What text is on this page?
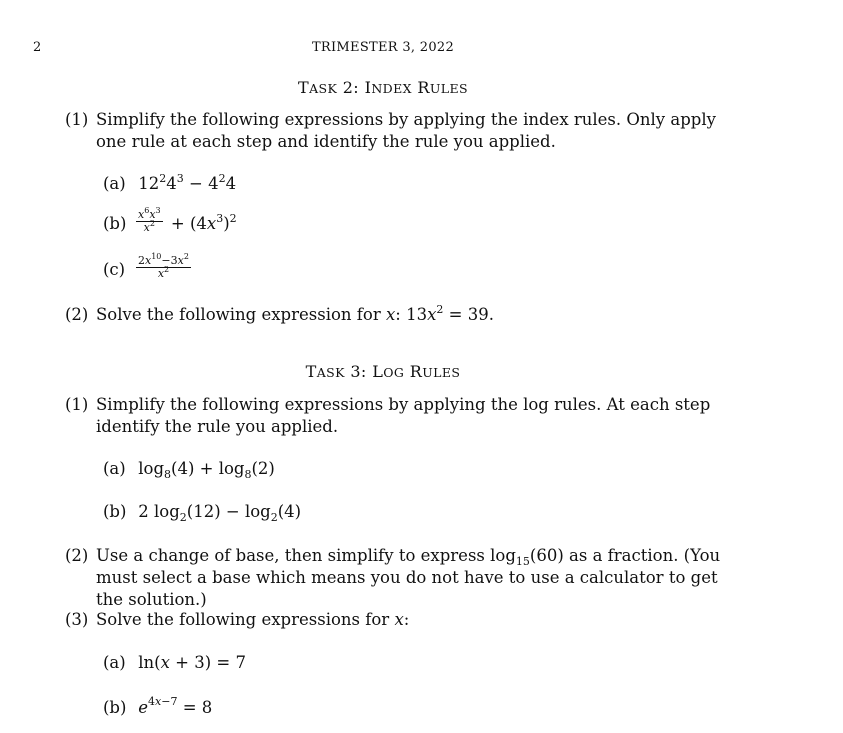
2	TRIMESTER 3, 2022
TASK 2: INDEX RULES
(1) Simplify the following expressions by applying the index rules. Only apply one rule at each step and identify the rule you applied.
(a) $12^24^3 - 4^24$
$(b) \frac{x^6x^3}{x^2} + (4x^3)^2$
$(c) \frac{2x^{10}-3x^2}{x^2}$
(2) Solve the following expression for x: $13x^2 = 39$.
TASK 3: LOG RULES
(1) Simplify the following expressions by applying the log rules. At each step identify the rule you applied.
(a) $\log_8(4) + \log_8(2)$
(b) 2 $\log_2(12) - \log_2(4)$
(2) Use a change of base, then simplify to express $\log_{15}(60)$ as a fraction. (You must select a base which means you do not have to use a calculator to get the solution.)
(3) Solve the following expressions for x:
(a) ln(x + 3) = 7
(b) $e^{4x-7} = 8$
